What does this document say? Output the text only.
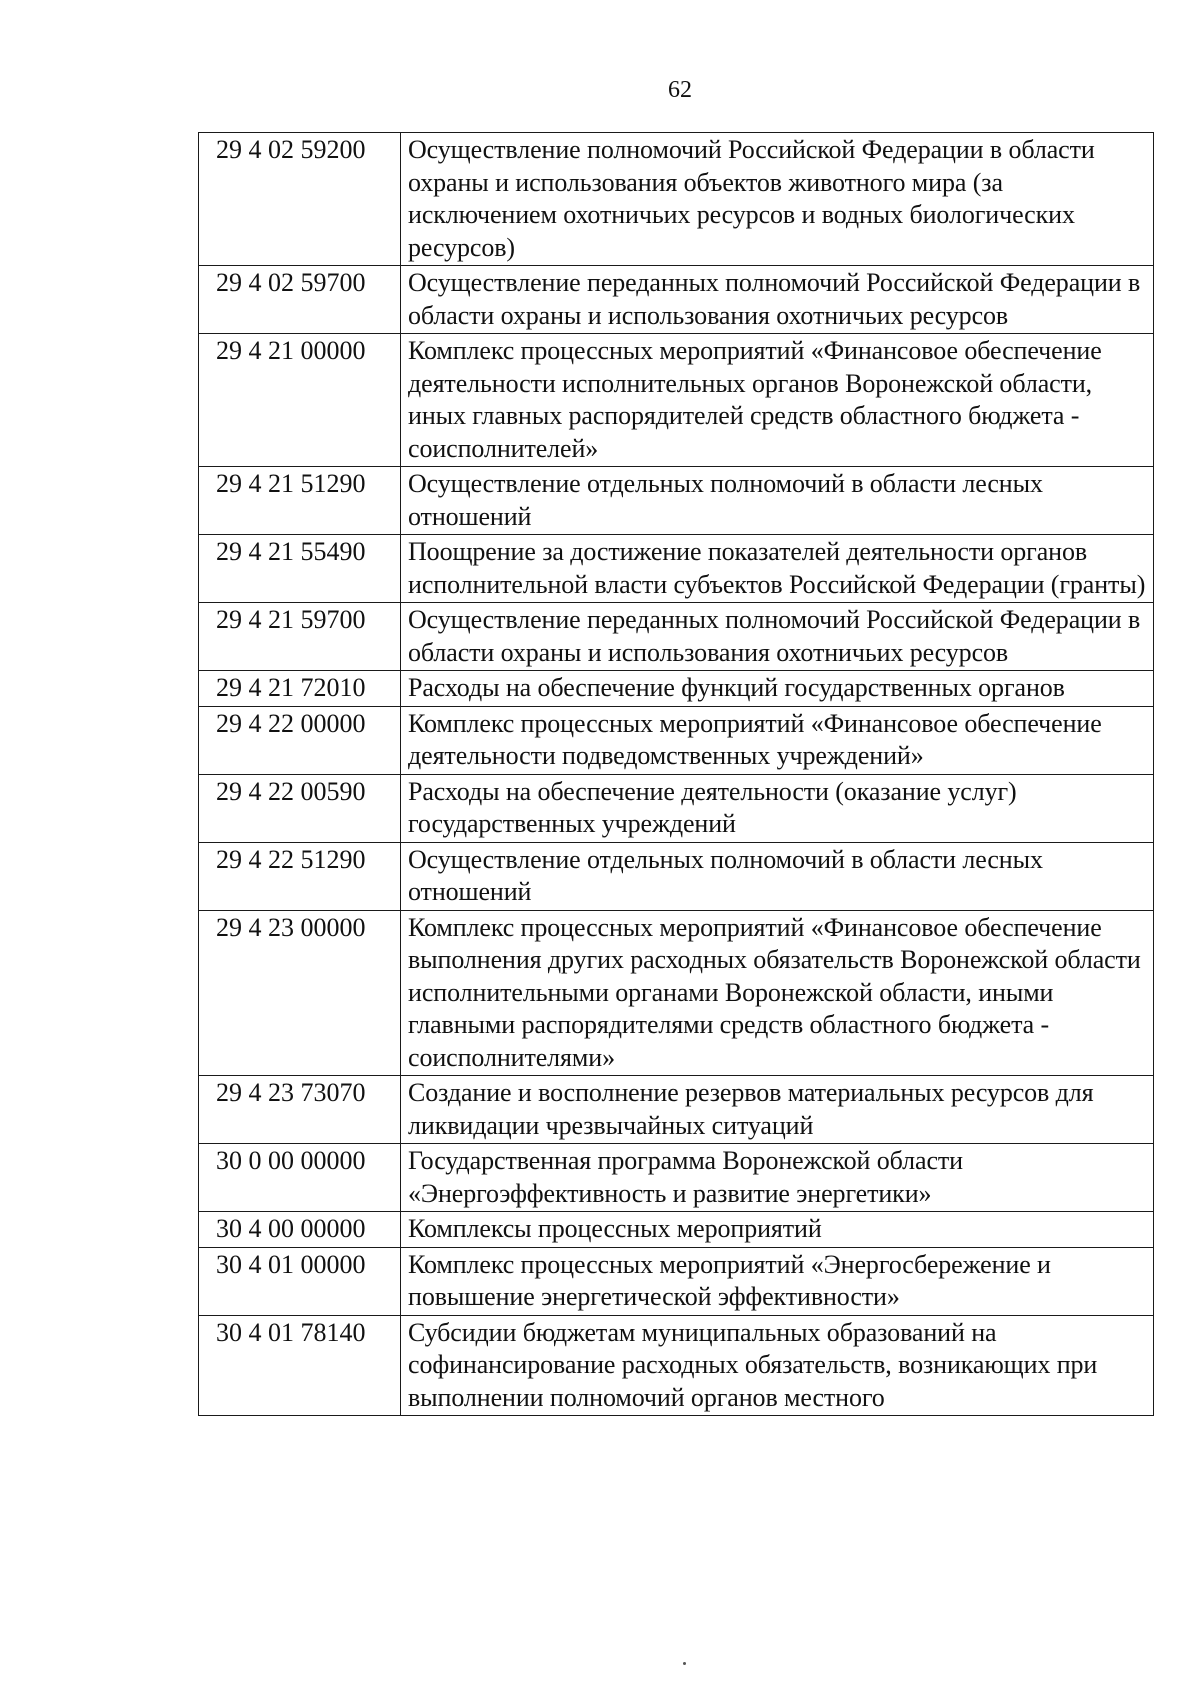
62
29 4 02 59200	Осуществление полномочий Российской Федерации в области охраны и использования объектов животного мира (за исключением охотничьих ресурсов и водных биологических ресурсов)
29 4 02 59700	Осуществление переданных полномочий Российской Федерации в области охраны и использования охотничьих ресурсов
29 4 21 00000	Комплекс процессных мероприятий «Финансовое обеспечение деятельности исполнительных органов Воронежской области, иных главных распорядителей средств областного бюджета - соисполнителей»
29 4 21 51290	Осуществление отдельных полномочий в области лесных отношений
29 4 21 55490	Поощрение за достижение показателей деятельности органов исполнительной власти субъектов Российской Федерации (гранты)
29 4 21 59700	Осуществление переданных полномочий Российской Федерации в области охраны и использования охотничьих ресурсов
29 4 21 72010	Расходы на обеспечение функций государственных органов
29 4 22 00000	Комплекс процессных мероприятий «Финансовое обеспечение деятельности подведомственных учреждений»
29 4 22 00590	Расходы на обеспечение деятельности (оказание услуг) государственных учреждений
29 4 22 51290	Осуществление отдельных полномочий в области лесных отношений
29 4 23 00000	Комплекс процессных мероприятий «Финансовое обеспечение выполнения других расходных обязательств Воронежской области исполнительными органами Воронежской области, иными главными распорядителями средств областного бюджета - соисполнителями»
29 4 23 73070	Создание и восполнение резервов материальных ресурсов для ликвидации чрезвычайных ситуаций
30 0 00 00000	Государственная программа Воронежской области «Энергоэффективность и развитие энергетики»
30 4 00 00000	Комплексы процессных мероприятий
30 4 01 00000	Комплекс процессных мероприятий «Энергосбережение и повышение энергетической эффективности»
30 4 01 78140	Субсидии бюджетам муниципальных образований на софинансирование расходных обязательств, возникающих при выполнении полномочий органов местного
